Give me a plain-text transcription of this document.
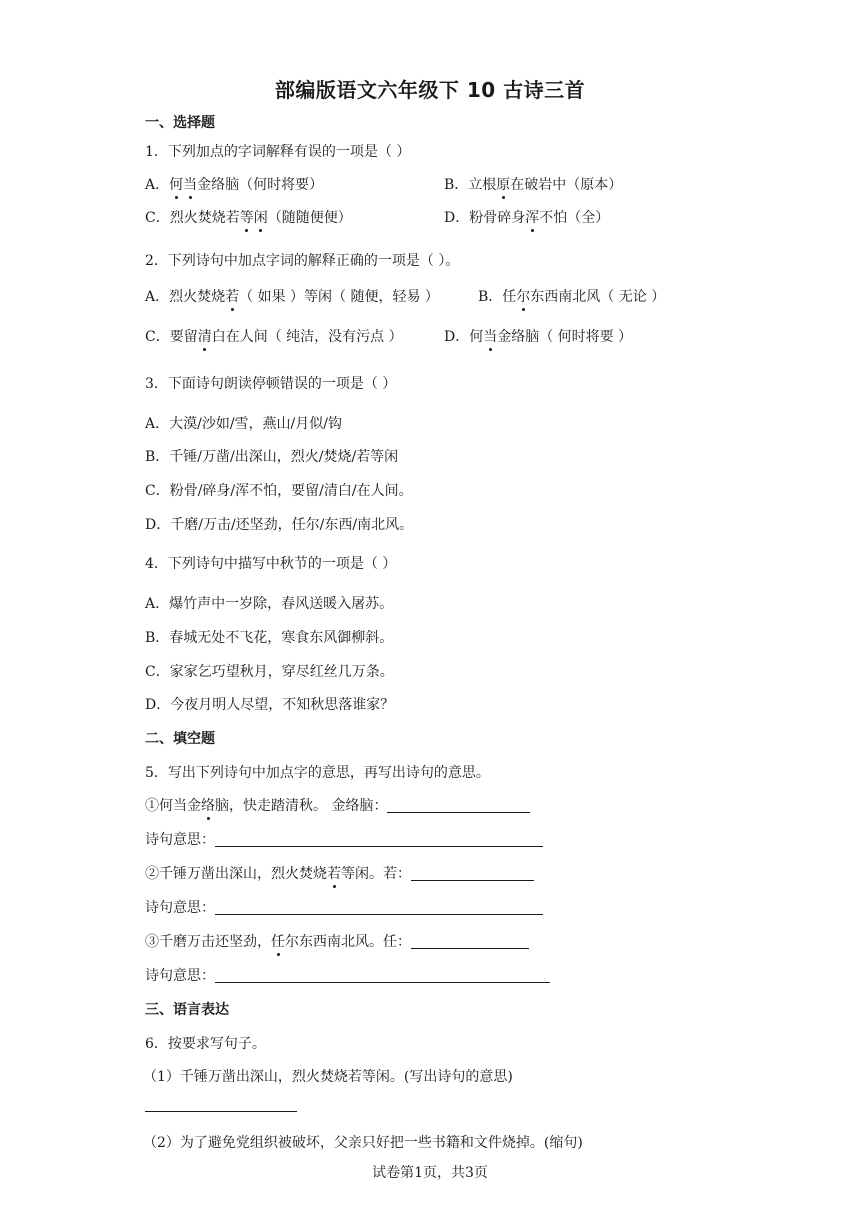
部编版语文六年级下 10 古诗三首
一、选择题
1．下列加点的字词解释有误的一项是（ ）
A．何当金络脑（何时将要）	B．立根原在破岩中（原本）
C．烈火焚烧若等闲（随随便便）	D．粉骨碎身浑不怕（全）
2．下列诗句中加点字词的解释正确的一项是（ ）。
A．烈火焚烧若（ 如果 ）等闲（ 随便，轻易 ）	B．任尔东西南北风（ 无论 ）
C．要留清白在人间（ 纯洁，没有污点 ）	D．何当金络脑（ 何时将要 ）
3．下面诗句朗读停顿错误的一项是（ ）
A．大漠/沙如/雪，燕山/月似/钩
B．千锤/万凿/出深山，烈火/焚烧/若等闲
C．粉骨/碎身/浑不怕，要留/清白/在人间。
D．千磨/万击/还坚劲，任尔/东西/南北风。
4．下列诗句中描写中秋节的一项是（ ）
A．爆竹声中一岁除，春风送暖入屠苏。
B．春城无处不飞花，寒食东风御柳斜。
C．家家乞巧望秋月，穿尽红丝几万条。
D．今夜月明人尽望，不知秋思落谁家？
二、填空题
5．写出下列诗句中加点字的意思，再写出诗句的意思。
①何当金络脑，快走踏清秋。 金络脑：
诗句意思：
②千锤万凿出深山，烈火焚烧若等闲。若：
诗句意思：
③千磨万击还坚劲，任尔东西南北风。任：
诗句意思：
三、语言表达
6．按要求写句子。
（1）千锤万凿出深山，烈火焚烧若等闲。(写出诗句的意思)
（2）为了避免党组织被破坏，父亲只好把一些书籍和文件烧掉。(缩句)
试卷第1页，共3页
